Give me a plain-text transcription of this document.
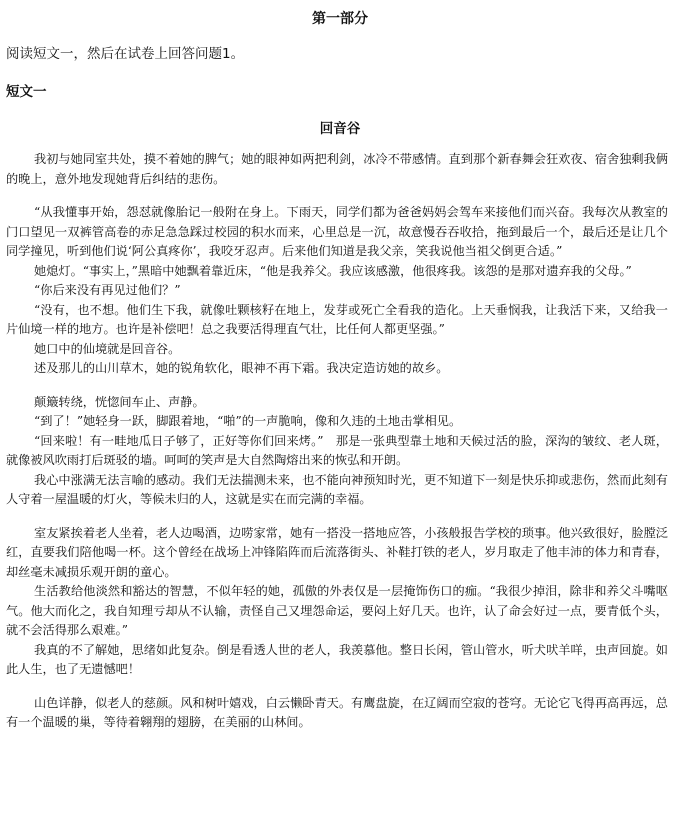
第一部分
阅读短文一，然后在试卷上回答问题1。
短文一
回音谷

我初与她同室共处，摸不着她的脾气；她的眼神如两把利剑，冰冷不带感情。直到那个新春舞会狂欢夜、宿舍独剩我俩的晚上，意外地发现她背后纠结的悲伤。

“从我懂事开始，怨怼就像胎记一般附在身上。下雨天，同学们都为爸爸妈妈会驾车来接他们而兴奋。我每次从教室的门口望见一双裤管高卷的赤足急急踩过校园的积水而来，心里总是一沉，故意慢吞吞收拾，拖到最后一个，最后还是让几个同学撞见，听到他们说‘阿公真疼你’，我咬牙忍声。后来他们知道是我父亲，笑我说他当祖父倒更合适。”

她熄灯。“事实上，”黑暗中她飘着靠近床，“他是我养父。我应该感激，他很疼我。该怨的是那对遗弃我的父母。”

“你后来没有再见过他们？”

“没有，也不想。他们生下我，就像吐颗核籽在地上，发芽或死亡全看我的造化。上天垂悯我，让我活下来，又给我一片仙境一样的地方。也许是补偿吧！总之我要活得理直气壮，比任何人都更坚强。”

她口中的仙境就是回音谷。

述及那儿的山川草木，她的锐角软化，眼神不再下霜。我决定造访她的故乡。

颠簸转绕，恍惚间车止、声静。

“到了！”她轻身一跃，脚跟着地，“啪”的一声脆响，像和久违的土地击掌相见。

“回来啦！有一畦地瓜日子够了，正好等你们回来烤。”　那是一张典型靠土地和天候过活的脸，深沟的皱纹、老人斑，就像被风吹雨打后斑驳的墙。呵呵的笑声是大自然陶熔出来的恢弘和开朗。

我心中涨满无法言喻的感动。我们无法揣测未来，也不能向神预知时光，更不知道下一刻是快乐抑或悲伤，然而此刻有人守着一屋温暖的灯火，等候未归的人，这就是实在而完满的幸福。

室友紧挨着老人坐着，老人边喝酒，边唠家常，她有一搭没一搭地应答，小孩般报告学校的琐事。他兴致很好，脸膛泛红，直要我们陪他喝一杯。这个曾经在战场上冲锋陷阵而后流落街头、补鞋打铁的老人，岁月取走了他丰沛的体力和青春，却丝毫未减损乐观开朗的童心。

生活教给他淡然和豁达的智慧，不似年轻的她，孤傲的外表仅是一层掩饰伤口的痂。“我很少掉泪，除非和养父斗嘴呕气。他大而化之，我自知理亏却从不认输，责怪自己又埋怨命运，要闷上好几天。也许，认了命会好过一点，要青低个头，就不会活得那么艰难。”

我真的不了解她，思绪如此复杂。倒是看透人世的老人，我羡慕他。整日长闲，管山管水，听犬吠羊咩，虫声回旋。如此人生，也了无遗憾吧！

山色详静，似老人的慈颜。风和树叶嬉戏，白云懒卧青天。有鹰盘旋，在辽阔而空寂的苍穹。无论它飞得再高再远，总有一个温暖的巢，等待着翱翔的翅膀，在美丽的山林间。
